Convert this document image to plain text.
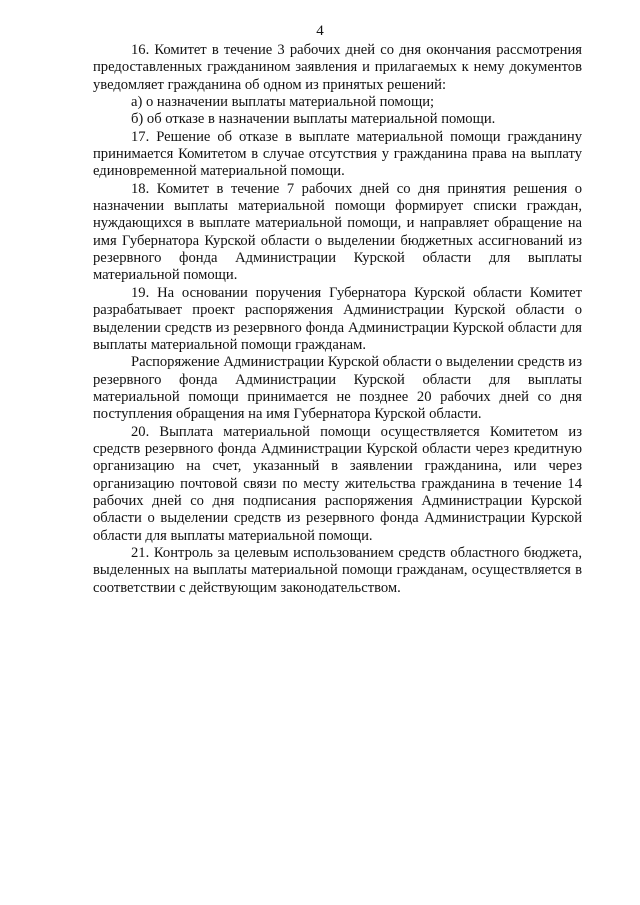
4

16. Комитет в течение 3 рабочих дней со дня окончания рассмотрения предоставленных гражданином заявления и прилагаемых к нему документов уведомляет гражданина об одном из принятых решений:

а) о назначении выплаты материальной помощи;

б) об отказе в назначении выплаты материальной помощи.

17. Решение об отказе в выплате материальной помощи гражданину принимается Комитетом в случае отсутствия у гражданина права на выплату единовременной материальной помощи.

18. Комитет в течение 7 рабочих дней со дня принятия решения о назначении выплаты материальной помощи формирует списки граждан, нуждающихся в выплате материальной помощи, и направляет обращение на имя Губернатора Курской области о выделении бюджетных ассигнований из резервного фонда Администрации Курской области для выплаты материальной помощи.

19. На основании поручения Губернатора Курской области Комитет разрабатывает проект распоряжения Администрации Курской области о выделении средств из резервного фонда Администрации Курской области для выплаты материальной помощи гражданам.

Распоряжение Администрации Курской области о выделении средств из резервного фонда Администрации Курской области для выплаты материальной помощи принимается не позднее 20 рабочих дней со дня поступления обращения на имя Губернатора Курской области.

20. Выплата материальной помощи осуществляется Комитетом из средств резервного фонда Администрации Курской области через кредитную организацию на счет, указанный в заявлении гражданина, или через организацию почтовой связи по месту жительства гражданина в течение 14 рабочих дней со дня подписания распоряжения Администрации Курской области о выделении средств из резервного фонда Администрации Курской области для выплаты материальной помощи.

21. Контроль за целевым использованием средств областного бюджета, выделенных на выплаты материальной помощи гражданам, осуществляется в соответствии с действующим законодательством.
